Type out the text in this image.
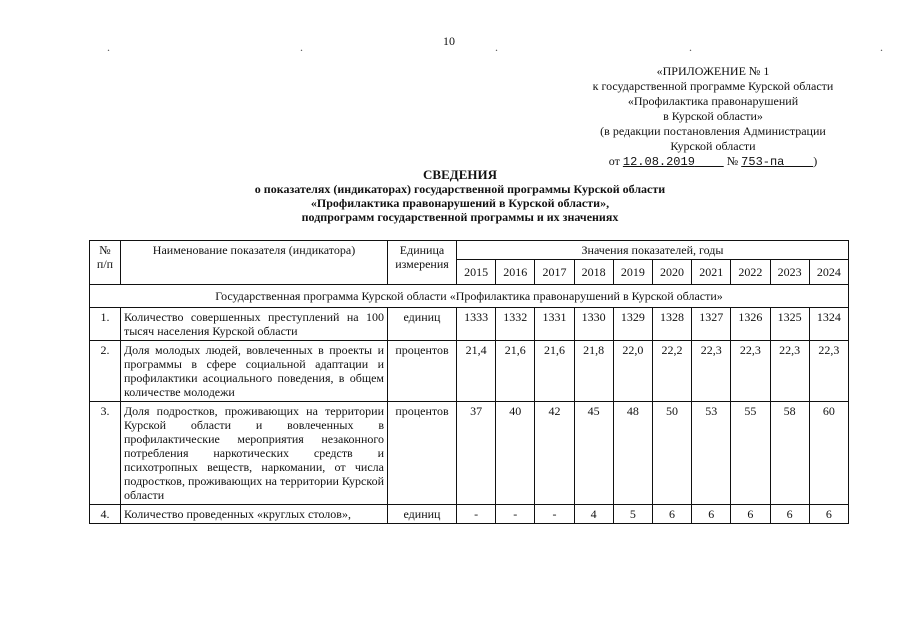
10
.	.	.	.	.
«ПРИЛОЖЕНИЕ № 1
к государственной программе Курской области
«Профилактика правонарушений
в Курской области»
(в редакции постановления Администрации
Курской области
от 12.08.2019	№ 753-па )
СВЕДЕНИЯ
о показателях (индикаторах) государственной программы Курской области
«Профилактика правонарушений в Курской области»,
подпрограмм государственной программы и их значениях
№ п/п	Наименование показателя (индикатора)	Единица измерения	Значения показателей, годы									
			2015	2016	2017	2018	2019	2020	2021	2022	2023	2024
Государственная программа Курской области «Профилактика правонарушений в Курской области»												
1.	Количество совершенных преступлений на 100 тысяч населения Курской области	единиц	1333	1332	1331	1330	1329	1328	1327	1326	1325	1324
2.	Доля молодых людей, вовлеченных в проекты и программы в сфере социальной адаптации и профилактики асоциального поведения, в общем количестве молодежи	процентов	21,4	21,6	21,6	21,8	22,0	22,2	22,3	22,3	22,3	22,3
3.	Доля подростков, проживающих на территории Курской области и вовлеченных в профилактические мероприятия незаконного потребления наркотических средств и психотропных веществ, наркомании, от числа подростков, проживающих на территории Курской области	процентов	37	40	42	45	48	50	53	55	58	60
4.	Количество проведенных «круглых столов»,	единиц	-	-	-	4	5	6	6	6	6	6
